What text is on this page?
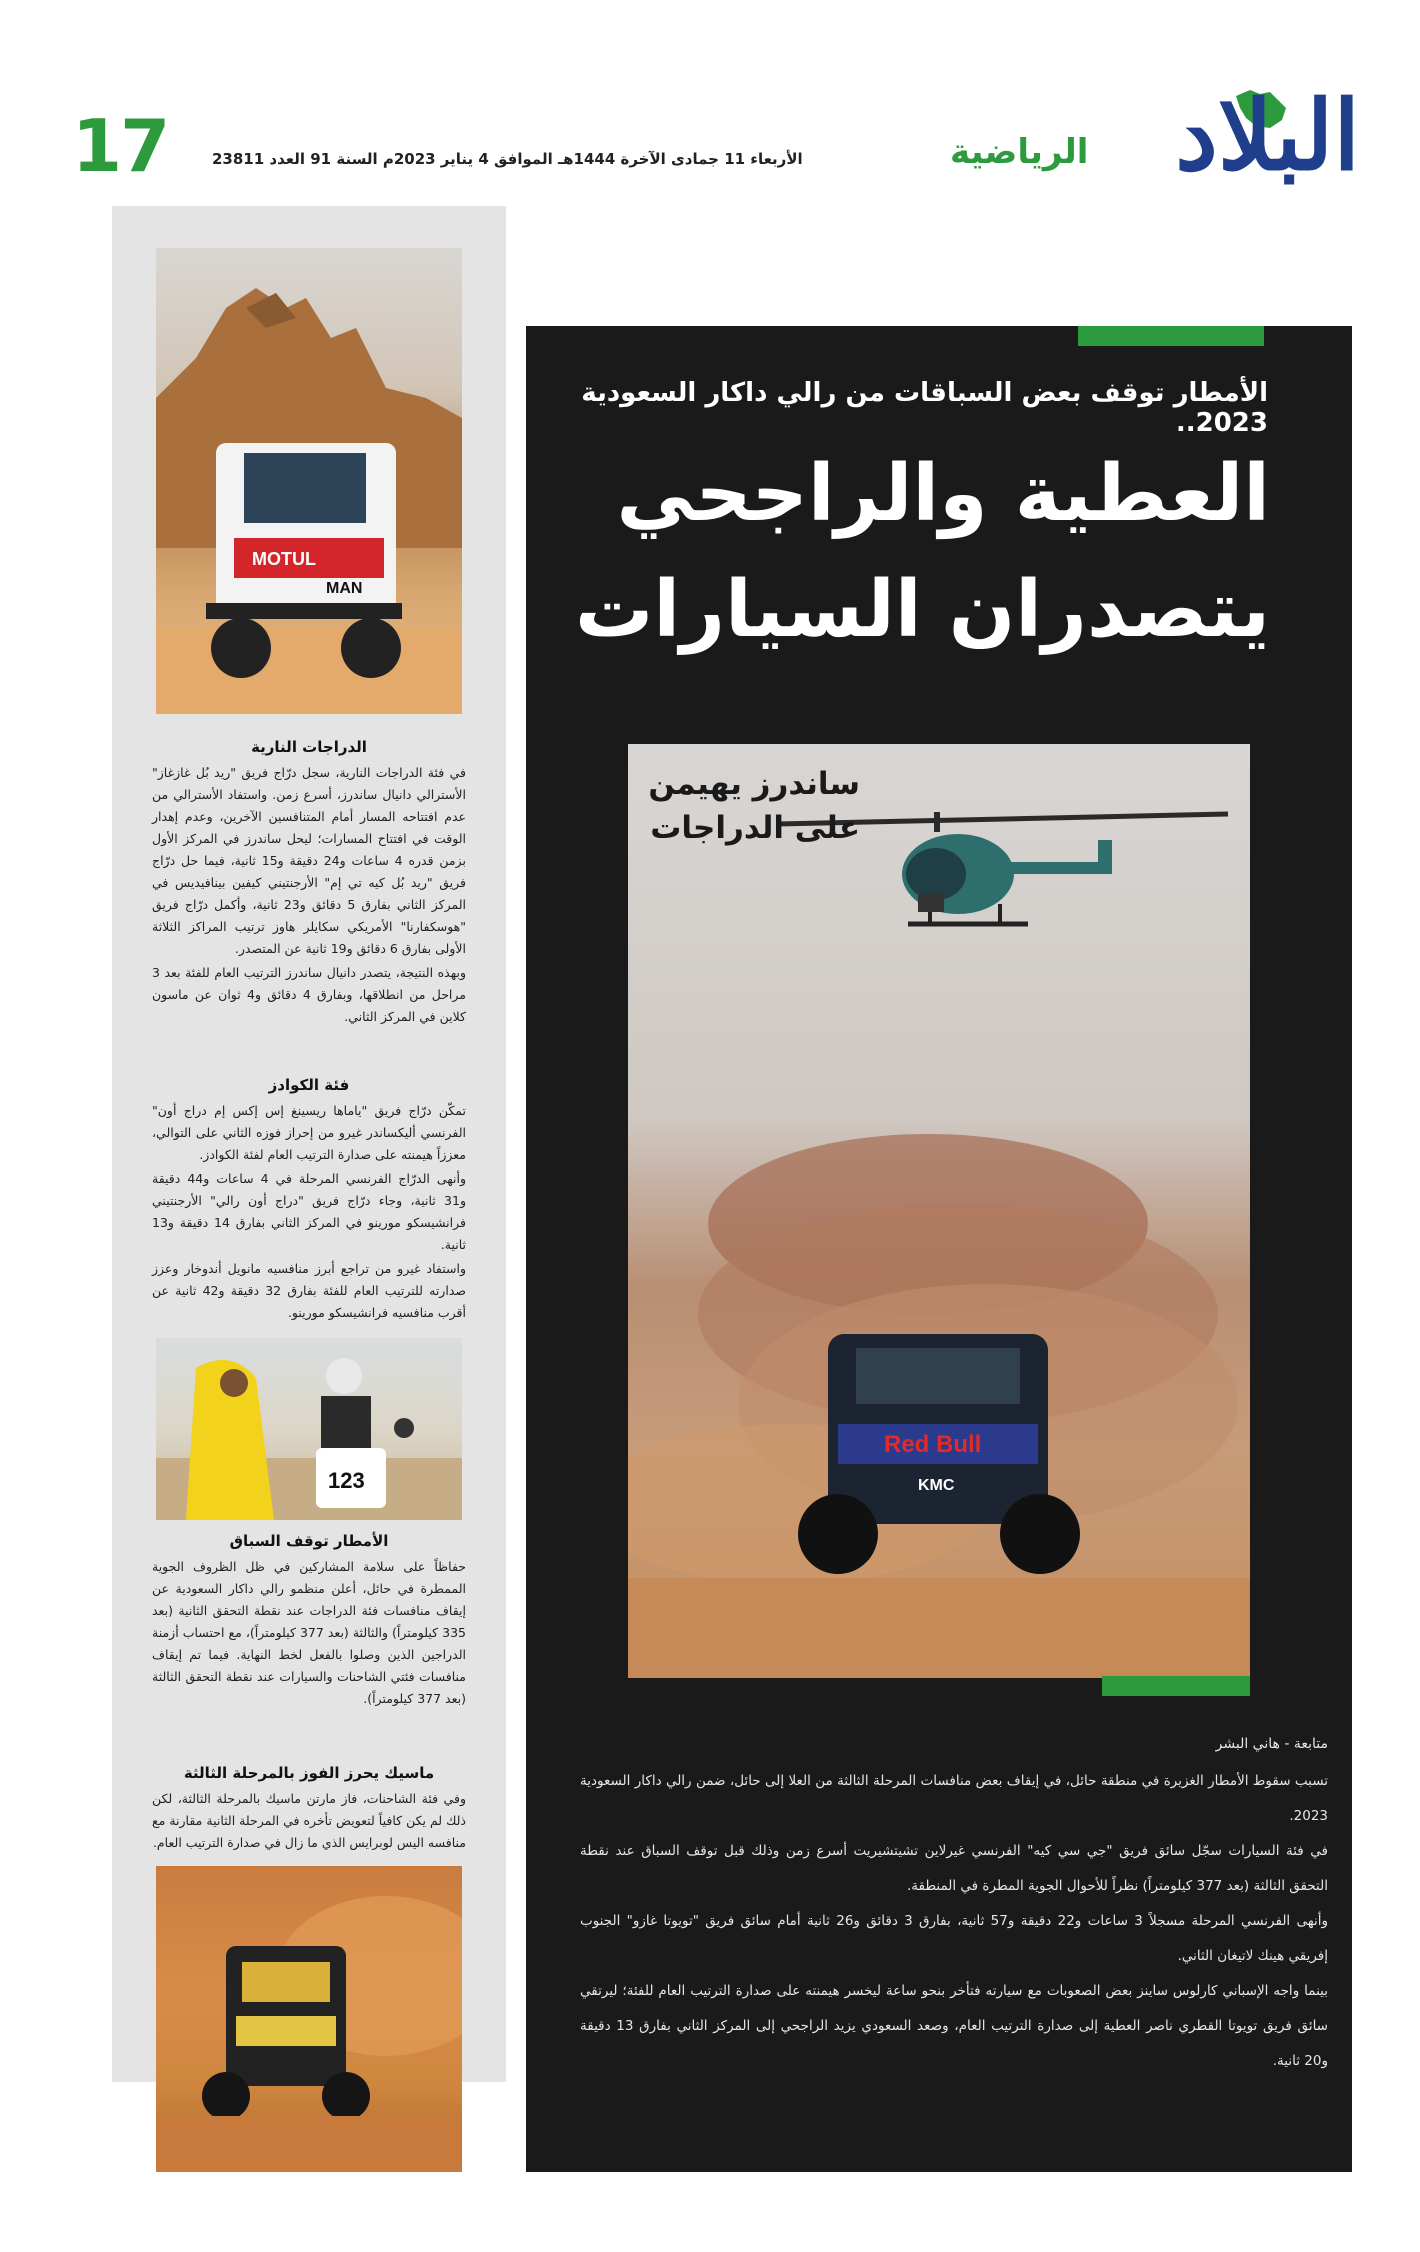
17	الأربعاء 11 جمادى الآخرة 1444هـ الموافق 4 يناير 2023م السنة 91 العدد 23811	الرياضية البلاد
MOTUL
MAN
الدراجات النارية

في فئة الدراجات النارية، سجل درّاج فريق "ريد بُل غازغاز" الأسترالي دانيال ساندرز، أسرع زمن. واستفاد الأسترالي من عدم افتتاحه المسار أمام المتنافسين الآخرين، وعدم إهدار الوقت في افتتاح المسارات؛ ليحل ساندرز في المركز الأول بزمن قدره 4 ساعات و24 دقيقة و15 ثانية، فيما حل درّاج فريق "ريد بُل كيه تي إم" الأرجنتيني كيفين بينافيديس في المركز الثاني بفارق 5 دقائق و23 ثانية، وأكمل درّاج فريق "هوسكفارنا" الأمريكي سكايلر هاوز ترتيب المراكز الثلاثة الأولى بفارق 6 دقائق و19 ثانية عن المتصدر.

وبهذه النتيجة، يتصدر دانيال ساندرز الترتيب العام للفئة بعد 3 مراحل من انطلاقها، وبفارق 4 دقائق و4 ثوان عن ماسون كلاين في المركز الثاني.

فئة الكوادز

تمكّن درّاج فريق "ياماها ريسينغ إس إكس إم دراج أون" الفرنسي أليكساندر غيرو من إحراز فوزه الثاني على التوالي، معززاً هيمنته على صدارة الترتيب العام لفئة الكوادز.

وأنهى الدرّاج الفرنسي المرحلة في 4 ساعات و44 دقيقة و31 ثانية، وجاء درّاج فريق "دراج أون رالي" الأرجنتيني فرانشيسكو مورينو في المركز الثاني بفارق 14 دقيقة و13 ثانية.

واستفاد غيرو من تراجع أبرز منافسيه مانويل أندوخار وعزز صدارته للترتيب العام للفئة بفارق 32 دقيقة و42 ثانية عن أقرب منافسيه فرانشيسكو مورينو.

123
الأمطار توقف السباق

حفاظاً على سلامة المشاركين في ظل الظروف الجوية الممطرة في حائل، أعلن منظمو رالي داكار السعودية عن إيقاف منافسات فئة الدراجات عند نقطة التحقق الثانية (بعد 335 كيلومتراً) والثالثة (بعد 377 كيلومتراً)، مع احتساب أزمنة الدراجين الذين وصلوا بالفعل لخط النهاية. فيما تم إيقاف منافسات فئتي الشاحنات والسيارات عند نقطة التحقق الثالثة (بعد 377 كيلومتراً).

ماسيك يحرز الفوز بالمرحلة الثالثة

وفي فئة الشاحنات، فاز مارتن ماسيك بالمرحلة الثالثة، لكن ذلك لم يكن كافياً لتعويض تأخره في المرحلة الثانية مقارنة مع منافسه اليس لوبرايس الذي ما زال في صدارة الترتيب العام.

الأمطار توقف بعض السباقات من رالي داكار السعودية 2023..
العطية والراجحي
يتصدران السيارات
Red Bull
KMC
ساندرز يهيمن
على الدراجات
متابعة - هاني البشر

تسبب سقوط الأمطار الغزيرة في منطقة حائل، في إيقاف بعض منافسات المرحلة الثالثة من العلا إلى حائل، ضمن رالي داكار السعودية 2023.

في فئة السيارات سجّل سائق فريق "جي سي كيه" الفرنسي غيرلاين تشيتشيريت أسرع زمن وذلك قبل توقف السباق عند نقطة التحقق الثالثة (بعد 377 كيلومتراً) نظراً للأحوال الجوية المطرة في المنطقة.

وأنهى الفرنسي المرحلة مسجلاً 3 ساعات و22 دقيقة و57 ثانية، بفارق 3 دقائق و26 ثانية أمام سائق فريق "تويوتا غازو" الجنوب إفريقي هينك لاتيغان الثاني.

بينما واجه الإسباني كارلوس ساينز بعض الصعوبات مع سيارته فتأخر بنحو ساعة ليخسر هيمنته على صدارة الترتيب العام للفئة؛ ليرتقي سائق فريق تويوتا القطري ناصر العطية إلى صدارة الترتيب العام، وصعد السعودي يزيد الراجحي إلى المركز الثاني بفارق 13 دقيقة و20 ثانية.
